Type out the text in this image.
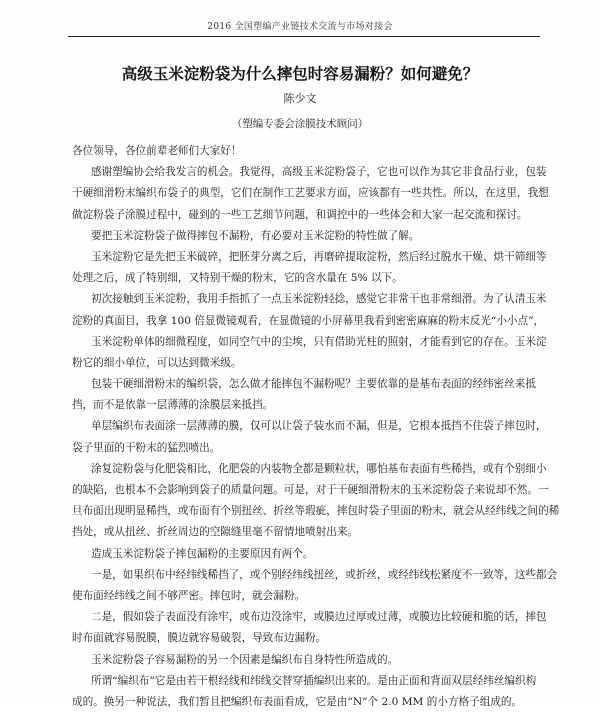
2016 全国塑编产业链技术交流与市场对接会
高级玉米淀粉袋为什么摔包时容易漏粉？如何避免？
陈少文
（塑编专委会涂膜技术顾问）
各位领导，各位前辈老师们大家好！
感谢塑编协会给我发言的机会。我觉得，高级玉米淀粉袋子，它也可以作为其它非食品行业，包装
干硬细滑粉末编织布袋子的典型，它们在制作工艺要求方面，应该都有一些共性。所以，在这里，我想
做淀粉袋子涂膜过程中，碰到的一些工艺细节问题，和调控中的一些体会和大家一起交流和探讨。
要把玉米淀粉袋子做得摔包不漏粉，有必要对玉米淀粉的特性做了解。
玉米淀粉它是先把玉米破碎，把胚芽分离之后，再磨碎提取淀粉，然后经过脱水干燥、烘干筛细等
处理之后，成了特别细，又特别干燥的粉末，它的含水量在 5% 以下。
初次接触到玉米淀粉，我用手指抓了一点玉米淀粉轻捻，感觉它非常干也非常细滑。为了认清玉米
淀粉的真面目，我拿 100 倍显微镜观看，在显微镜的小屏幕里我看到密密麻麻的粉末反光“小小点”，
玉米淀粉单体的细微程度，如同空气中的尘埃，只有借助光柱的照射，才能看到它的存在。玉米淀
粉它的细小单位，可以达到微米级。
包装干硬细滑粉末的编织袋，怎么做才能摔包不漏粉呢？主要依靠的是基布表面的经纬密丝来抵
挡，而不是依靠一层薄薄的涂膜层来抵挡。
单层编织布表面涂一层薄薄的膜，仅可以让袋子装水而不漏，但是，它根本抵挡不住袋子摔包时，
袋子里面的干粉末的猛烈喷出。
涂复淀粉袋与化肥袋相比，化肥袋的内装物全都是颗粒状，哪怕基布表面有些稀挡，或有个别细小
的缺陷，也根本不会影响到袋子的质量问题。可是，对于干硬细滑粉末的玉米淀粉袋子来说却不然。一
旦布面出现明显稀挡，或布面有个别扭丝、折丝等瑕疵，摔包时袋子里面的粉末，就会从经纬线之间的稀
挡处，或从扭丝、折丝周边的空隙缝里毫不留情地喷射出来。
造成玉米淀粉袋子摔包漏粉的主要原因有两个。
一是，如果织布中经纬线稀挡了，或个别经纬线扭丝，或折丝，或经纬线松紧度不一致等，这些都会
使布面经纬线之间不够严密。摔包时，就会漏粉。
二是，假如袋子表面没有涂牢，或布边没涂牢，或膜边过厚或过薄，或膜边比较硬和脆的话，摔包
时布面就容易脱膜，膜边就容易破裂，导致布边漏粉。
玉米淀粉袋子容易漏粉的另一个因素是编织布自身特性所造成的。
所谓“编织布”它是由若干根经线和纬线交替穿插编织出来的。是由正面和背面双层经纬丝编织构
成的。换另一种说法，我们暂且把编织布表面看成，它是由“N”个 2.0 MM 的小方格子组成的。
